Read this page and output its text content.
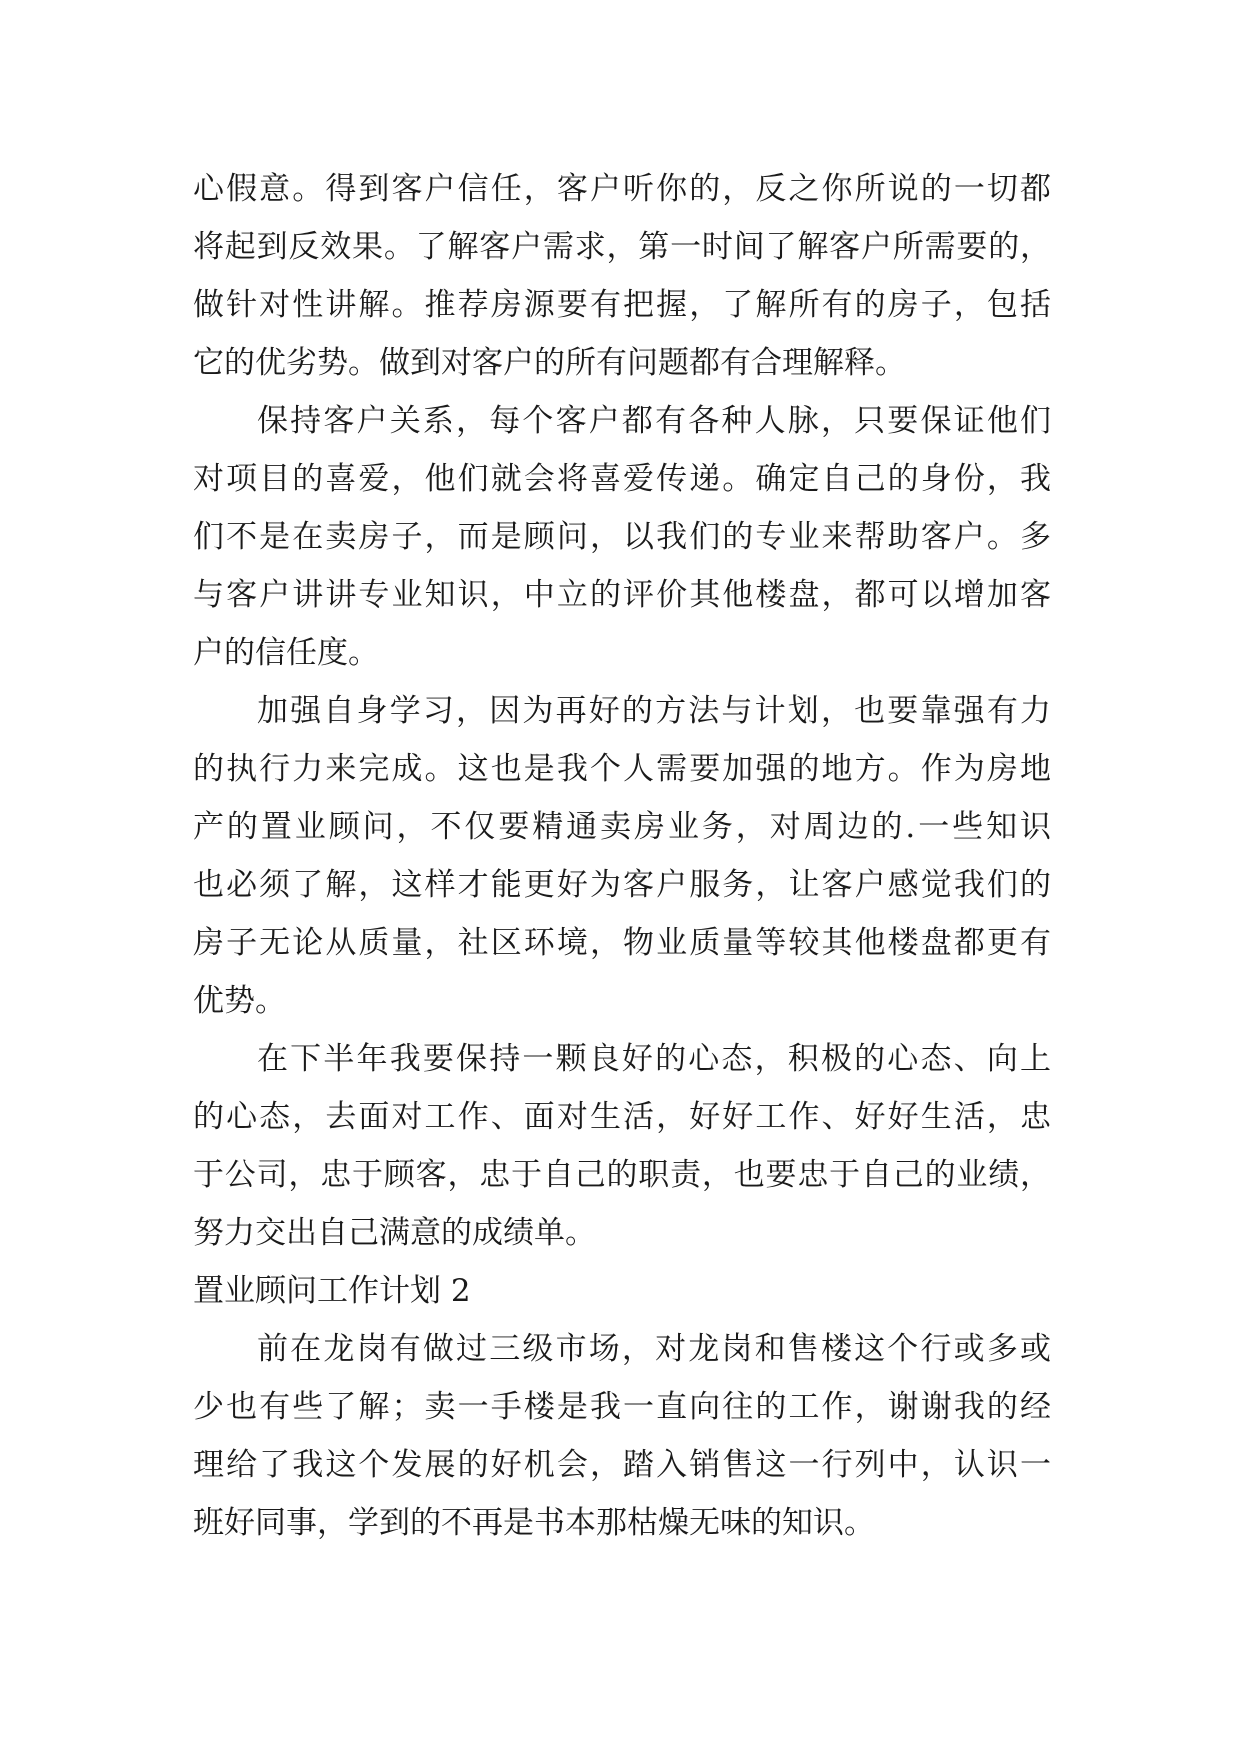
心假意。得到客户信任，客户听你的，反之你所说的一切都
将起到反效果。了解客户需求，第一时间了解客户所需要的，
做针对性讲解。推荐房源要有把握，了解所有的房子，包括
它的优劣势。做到对客户的所有问题都有合理解释。
保持客户关系，每个客户都有各种人脉，只要保证他们
对项目的喜爱，他们就会将喜爱传递。确定自己的身份，我
们不是在卖房子，而是顾问，以我们的专业来帮助客户。多
与客户讲讲专业知识，中立的评价其他楼盘，都可以增加客
户的信任度。
加强自身学习，因为再好的方法与计划，也要靠强有力
的执行力来完成。这也是我个人需要加强的地方。作为房地
产的置业顾问，不仅要精通卖房业务，对周边的.一些知识
也必须了解，这样才能更好为客户服务，让客户感觉我们的
房子无论从质量，社区环境，物业质量等较其他楼盘都更有
优势。
在下半年我要保持一颗良好的心态，积极的心态、向上
的心态，去面对工作、面对生活，好好工作、好好生活，忠
于公司，忠于顾客，忠于自己的职责，也要忠于自己的业绩，
努力交出自己满意的成绩单。
置业顾问工作计划 2
前在龙岗有做过三级市场，对龙岗和售楼这个行或多或
少也有些了解；卖一手楼是我一直向往的工作，谢谢我的经
理给了我这个发展的好机会，踏入销售这一行列中，认识一
班好同事，学到的不再是书本那枯燥无味的知识。
